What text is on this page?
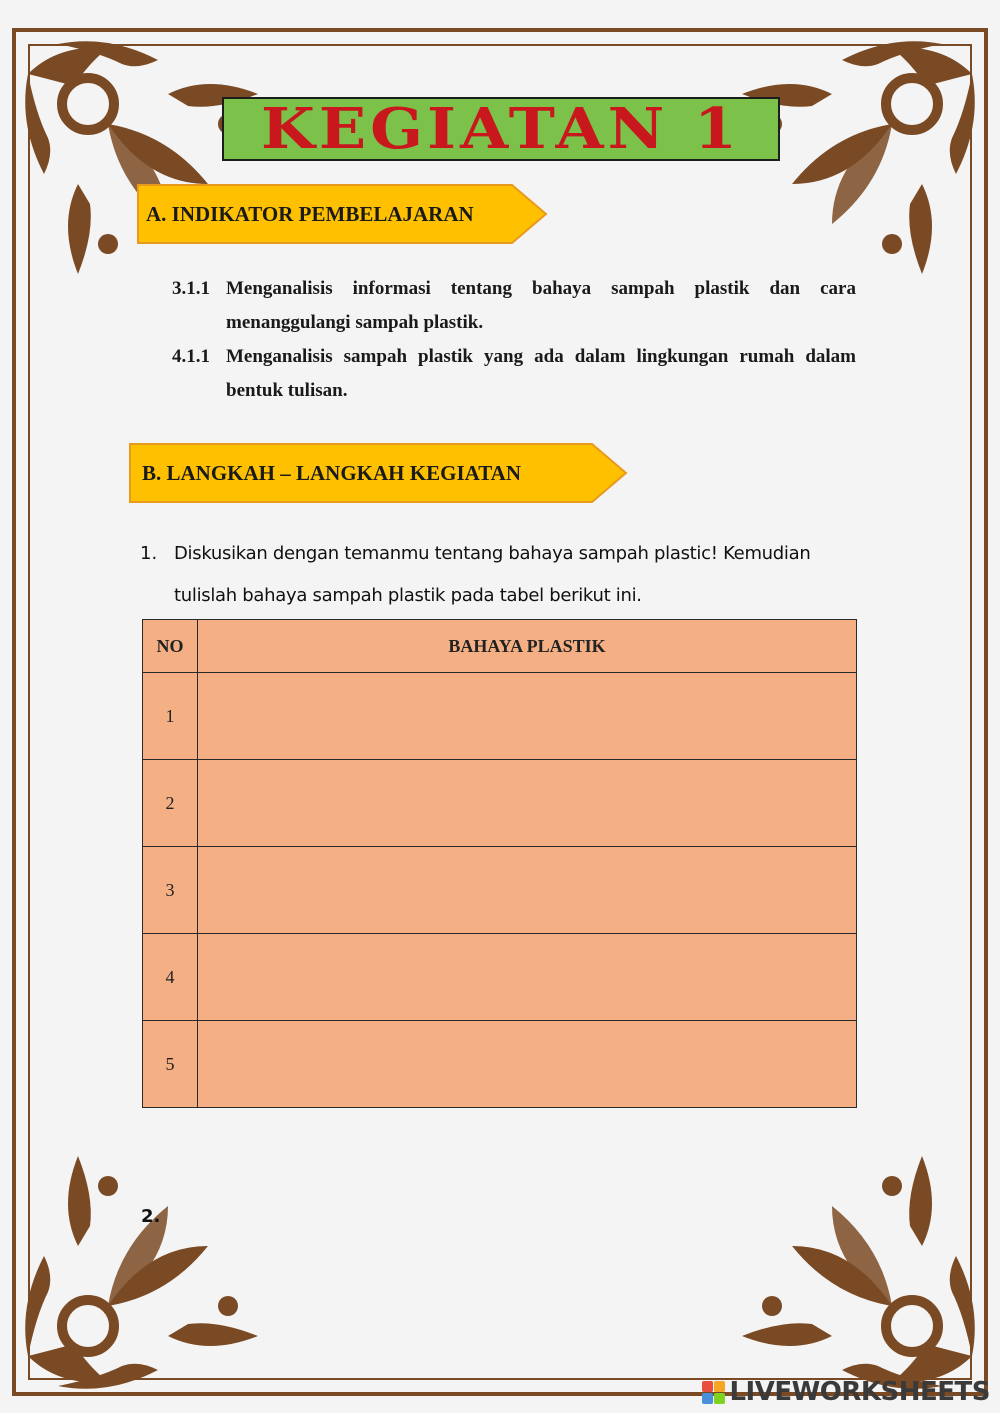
KEGIATAN 1
A. INDIKATOR PEMBELAJARAN
3.1.1 Menganalisis informasi tentang bahaya sampah plastik dan cara menanggulangi sampah plastik.
4.1.1 Menganalisis sampah plastik yang ada dalam lingkungan rumah dalam bentuk tulisan.
B. LANGKAH – LANGKAH KEGIATAN
1. Diskusikan dengan temanmu tentang bahaya sampah plastic! Kemudian tulislah bahaya sampah plastik pada tabel berikut ini.
NO	BAHAYA PLASTIK
1	
2	
3	
4	
5	
2.
LIVEWORKSHEETS
